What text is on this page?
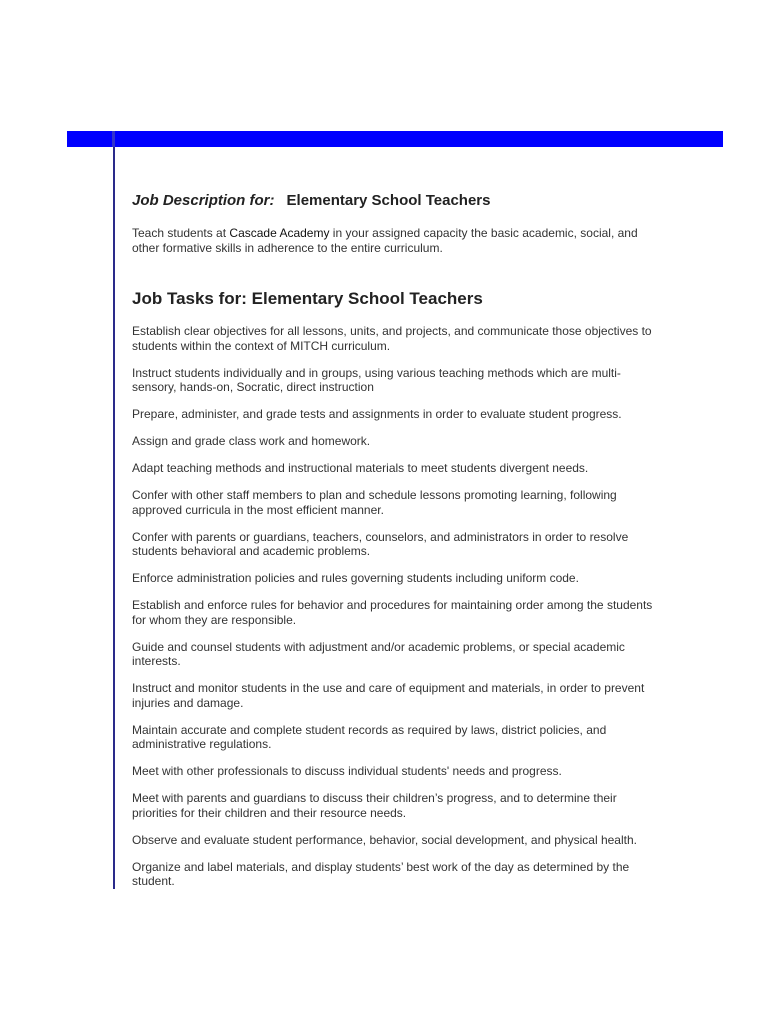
Job Description for: Elementary School Teachers

Teach students at Cascade Academy in your assigned capacity the basic academic, social, and other formative skills in adherence to the entire curriculum.

Job Tasks for: Elementary School Teachers
Establish clear objectives for all lessons, units, and projects, and communicate those objectives to students within the context of MITCH curriculum.
Instruct students individually and in groups, using various teaching methods which are multi-sensory, hands-on, Socratic, direct instruction
Prepare, administer, and grade tests and assignments in order to evaluate student progress.
Assign and grade class work and homework.
Adapt teaching methods and instructional materials to meet students divergent needs.
Confer with other staff members to plan and schedule lessons promoting learning, following approved curricula in the most efficient manner.
Confer with parents or guardians, teachers, counselors, and administrators in order to resolve students behavioral and academic problems.
Enforce administration policies and rules governing students including uniform code.
Establish and enforce rules for behavior and procedures for maintaining order among the students for whom they are responsible.
Guide and counsel students with adjustment and/or academic problems, or special academic interests.
Instruct and monitor students in the use and care of equipment and materials, in order to prevent injuries and damage.
Maintain accurate and complete student records as required by laws, district policies, and administrative regulations.
Meet with other professionals to discuss individual students' needs and progress.
Meet with parents and guardians to discuss their children’s progress, and to determine their priorities for their children and their resource needs.
Observe and evaluate student performance, behavior, social development, and physical health.
Organize and label materials, and display students’ best work of the day as determined by the student.
